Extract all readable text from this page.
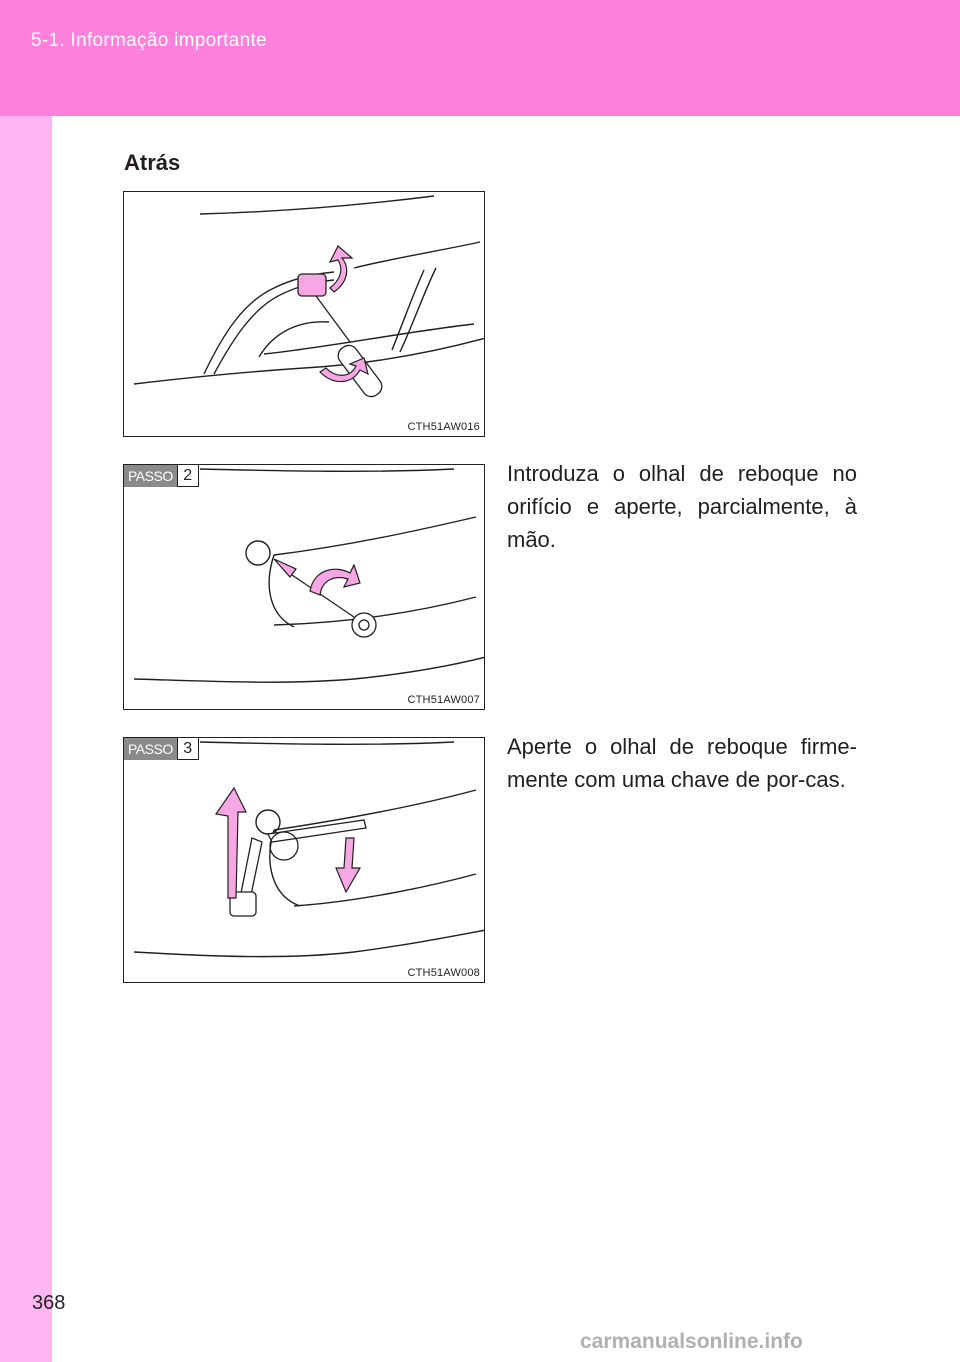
5-1. Informação importante
Atrás
CTH51AW016
PASSO 2
CTH51AW007
PASSO 3
CTH51AW008
Introduza o olhal de reboque no orifício e aperte, parcialmente, à mão.
Aperte o olhal de reboque firme-mente com uma chave de por-cas.
368
carmanualsonline.info
